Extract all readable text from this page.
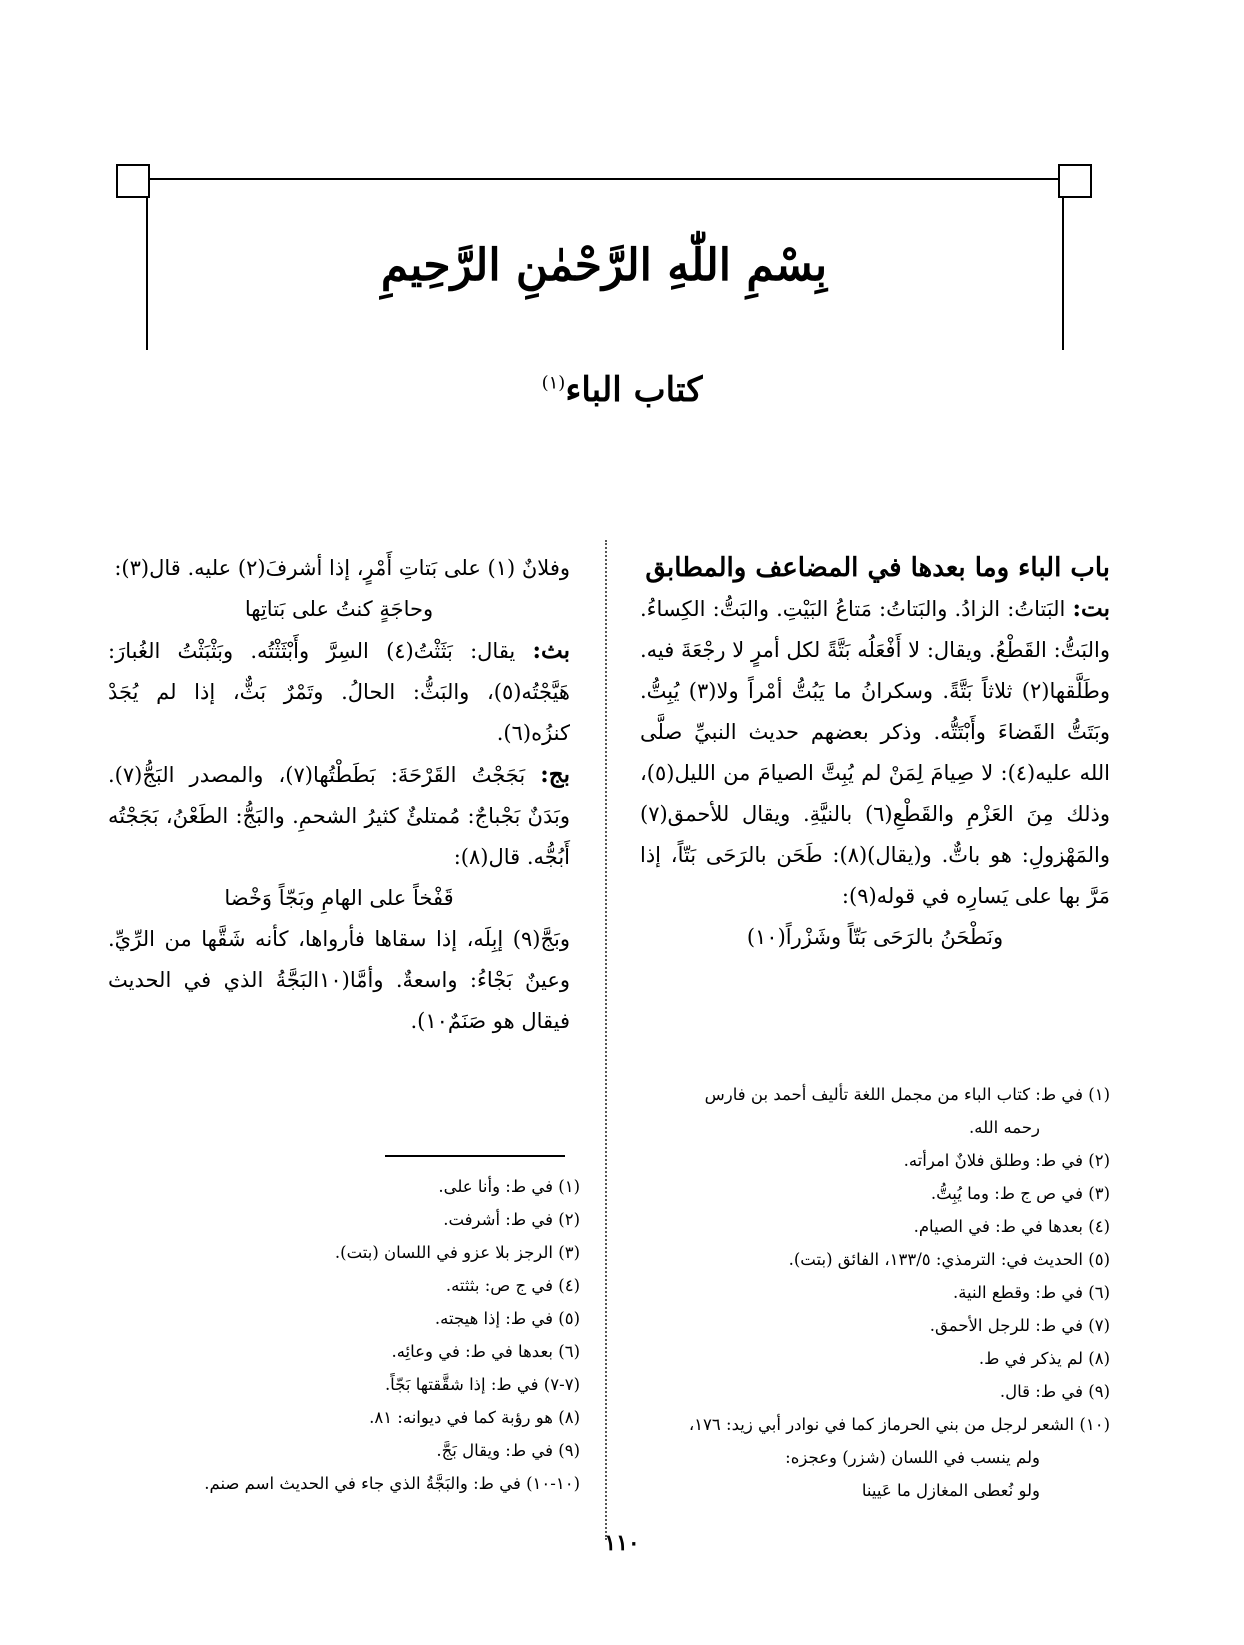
بِسْمِ اللّٰهِ الرَّحْمٰنِ الرَّحِيمِ
كتاب الباء$^{(١)}$

باب الباء وما بعدها في المضاعف والمطابق

بت: البَتاتُ: الزادُ. والبَتاتُ: مَتاعُ البَيْتِ. والبَتُّ: الكِساءُ. والبَتُّ: القَطْعُ. ويقال: لا أَفْعَلُه بَتَّةً لكل أمرٍ لا رجْعَةَ فيه. وطَلَّقها(٢) ثلاثاً بَتَّةً. وسكرانُ ما يَبُتُّ أمْراً ولا(٣) يُبِتُّ. وبَتَتُّ القَضاءَ وأَبْتَتُّه. وذكر بعضهم حديث النبيِّ صلَّى الله عليه(٤): لا صِيامَ لِمَنْ لم يُبِتَّ الصيامَ من الليل(٥)، وذلك مِنَ العَزْمِ والقَطْعِ(٦) بالنيَّةِ. ويقال للأحمق(٧) والمَهْزولِ: هو باتٌّ. و(يقال)(٨): طَحَن بالرَحَى بَتّاً، إذا مَرَّ بها على يَسارِه في قوله(٩):

ونَطْحَنُ بالرَحَى بَتّاً وشَزْراً(١٠)

وفلانٌ (١) على بَتاتِ أَمْرٍ، إذا أشرفَ(٢) عليه. قال(٣):

وحاجَةٍ كنتُ على بَتاتِها

بث: يقال: بَثَثْتُ(٤) السِرَّ وأَبْثَثْتُه. وبَثْبَثْتُ الغُبارَ: هَيَّجْتُه(٥)، والبَثُّ: الحالُ. وتَمْرٌ بَثٌّ، إذا لم يُجَدْ كنزُه(٦).

بج: بَجَجْتُ القَرْحَةَ: بَطَطْتُها(٧)، والمصدر البَجُّ(٧). وبَدَنٌ بَجْباجٌ: مُمتلئٌ كثيرُ الشحمِ. والبَجُّ: الطَعْنُ، بَجَجْتُه أَبُجُّه. قال(٨):

قَفْخاً على الهامِ وبَجّاً وَخْضا

وبَجَّ(٩) إبِلَه، إذا سقاها فأرواها، كأنه شَقَّها من الرِّيِّ. وعينٌ بَجْاءُ: واسعةٌ. وأمَّا(١٠البَجَّةُ الذي في الحديث فيقال هو صَنَمٌ١٠).

(١) في ط: كتاب الباء من مجمل اللغة تأليف أحمد بن فارس

رحمه الله.

(٢) في ط: وطلق فلانٌ امرأته.

(٣) في ص ج ط: وما يُبِتُّ.

(٤) بعدها في ط: في الصيام.

(٥) الحديث في: الترمذي: ١٣٣/٥، الفائق (بتت).

(٦) في ط: وقطع النية.

(٧) في ط: للرجل الأحمق.

(٨) لم يذكر في ط.

(٩) في ط: قال.

(١٠) الشعر لرجل من بني الحرماز كما في نوادر أبي زيد: ١٧٦،

ولم ينسب في اللسان (شزر) وعجزه:

ولو نُعطى المغازل ما عَيينا

(١) في ط: وأنا على.

(٢) في ط: أشرفت.

(٣) الرجز بلا عزو في اللسان (بتت).

(٤) في ج ص: بثثته.

(٥) في ط: إذا هيجته.

(٦) بعدها في ط: في وعائِه.

(٧-٧) في ط: إذا شقَّقتها بَجّاً.

(٨) هو رؤبة كما في ديوانه: ٨١.

(٩) في ط: ويقال بَجَّ.

(١٠-١٠) في ط: والبَجَّةُ الذي جاء في الحديث اسم صنم.

١١٠
